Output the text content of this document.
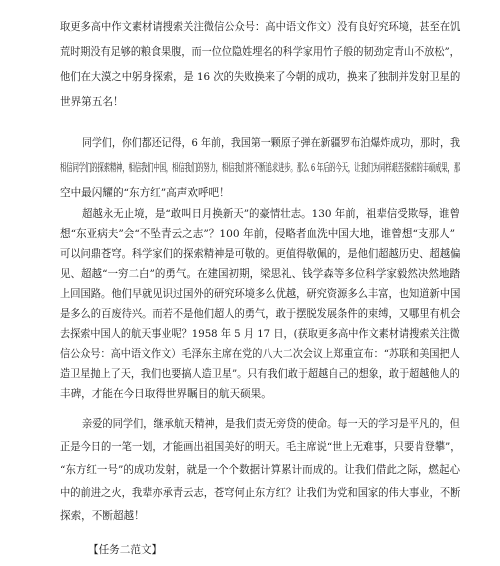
取更多高中作文素材请搜索关注微信公众号：高中语文作文）没有良好究环境，甚至在饥

荒时期没有足够的粮食果腹，而一位位隐姓埋名的科学家用竹子般的韧劲定青山不放松”，

他们在大漠之中躬身探索，是 16 次的失败换来了今朝的成功，换来了独制并发射卫星的

世界第五名！

同学们，你们都还记得，6 年前，我国第一颗原子弹在新疆罗布泊爆炸成功，那时，我

相信同学们的探索精神，相信我们中国，相信我们的努力，相信我们将不断追求进步。那么 6 年后的今天，让我们为同样艰苦探索的丰硕成果，那

空中最闪耀的“东方红”高声欢呼吧！

超越永无止境，是“敢叫日月换新天”的豪情壮志。130 年前，祖辈信受欺辱，谁曾

想“东亚病夫”会“不坠青云之志”？100 年前，侵略者血洗中国大地，谁曾想“支那人”

可以问鼎苍穹。科学家们的探索精神是可敬的。更值得敬佩的，是他们超越历史、超越偏

见、超越“一穷二白”的勇气。在建国初期，梁思礼、钱学森等多位科学家毅然决然地踏

上回国路。他们早就见识过国外的研究环境多么优越，研究资源多么丰富，也知道新中国

是多么的百废待兴。而若不是他们超人的勇气，敢于摆脱发展条件的束缚，又哪里有机会

去探索中国人的航天事业呢？1958 年 5 月 17 日，(获取更多高中作文素材请搜索关注微

信公众号：高中语文作文）毛泽东主席在党的八大二次会议上郑重宣布：“苏联和美国把人

造卫星抛上了天，我们也要搞人造卫星”。只有我们敢于超越自己的想象，敢于超越他人的

丰碑，才能在今日取得世界瞩目的航天硕果。

亲爱的同学们，继承航天精神，是我们责无旁贷的使命。每一天的学习是平凡的，但

正是今日的一笔一划，才能画出祖国美好的明天。毛主席说“世上无难事，只要肯登攀”，

“东方红一号”的成功发射，就是一个个数据计算累计而成的。让我们借此之际，燃起心

中的前进之火，我辈亦承青云志，苍穹何止东方红？让我们为党和国家的伟大事业，不断

探索，不断超越！

【任务二范文】
